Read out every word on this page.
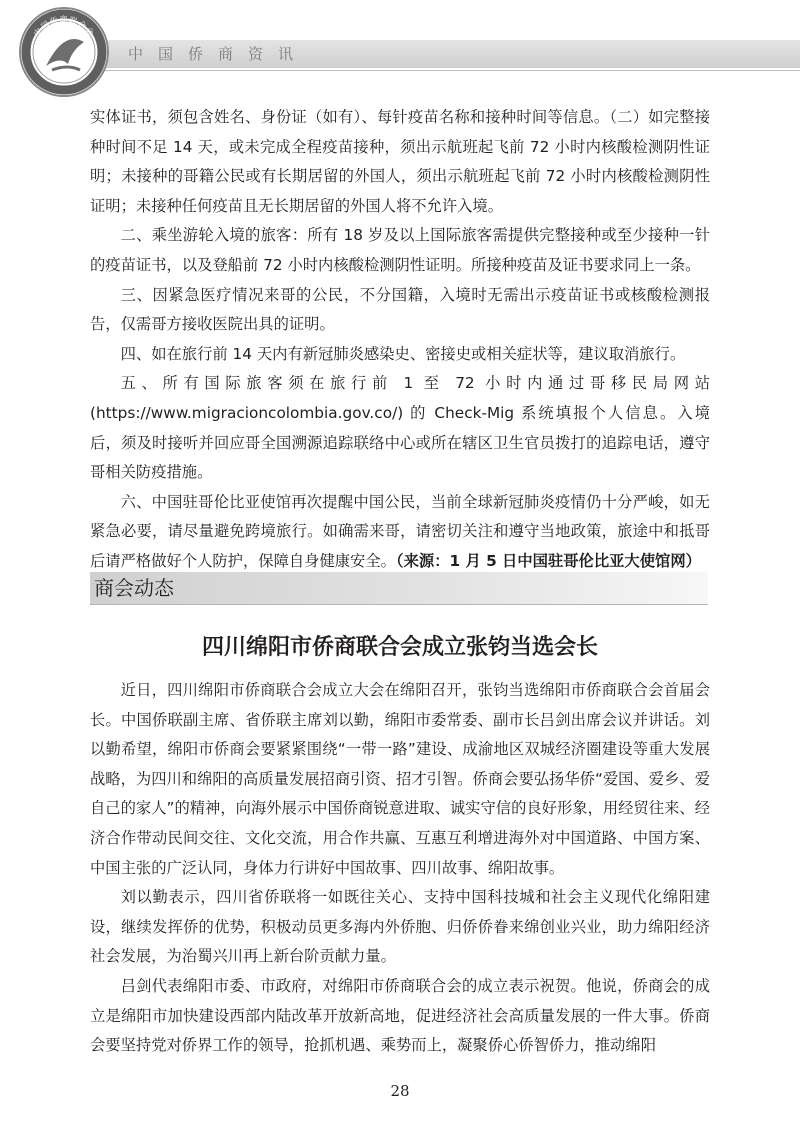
中国侨商联合会
中国侨商资讯

实体证书，须包含姓名、身份证（如有）、每针疫苗名称和接种时间等信息。（二）如完整接种时间不足 14 天，或未完成全程疫苗接种，须出示航班起飞前 72 小时内核酸检测阴性证明；未接种的哥籍公民或有长期居留的外国人，须出示航班起飞前 72 小时内核酸检测阴性证明；未接种任何疫苗且无长期居留的外国人将不允许入境。

二、乘坐游轮入境的旅客：所有 18 岁及以上国际旅客需提供完整接种或至少接种一针的疫苗证书，以及登船前 72 小时内核酸检测阴性证明。所接种疫苗及证书要求同上一条。

三、因紧急医疗情况来哥的公民，不分国籍，入境时无需出示疫苗证书或核酸检测报告，仅需哥方接收医院出具的证明。

四、如在旅行前 14 天内有新冠肺炎感染史、密接史或相关症状等，建议取消旅行。

五、所有国际旅客须在旅行前 1 至 72 小时内通过哥移民局网站 (https://www.migracioncolombia.gov.co/) 的 Check-Mig 系统填报个人信息。入境后，须及时接听并回应哥全国溯源追踪联络中心或所在辖区卫生官员拨打的追踪电话，遵守哥相关防疫措施。

六、中国驻哥伦比亚使馆再次提醒中国公民，当前全球新冠肺炎疫情仍十分严峻，如无紧急必要，请尽量避免跨境旅行。如确需来哥，请密切关注和遵守当地政策，旅途中和抵哥后请严格做好个人防护，保障自身健康安全。（来源：1 月 5 日中国驻哥伦比亚大使馆网）

商会动态
四川绵阳市侨商联合会成立张钧当选会长

近日，四川绵阳市侨商联合会成立大会在绵阳召开，张钧当选绵阳市侨商联合会首届会长。中国侨联副主席、省侨联主席刘以勤，绵阳市委常委、副市长吕剑出席会议并讲话。刘以勤希望，绵阳市侨商会要紧紧围绕“一带一路”建设、成渝地区双城经济圈建设等重大发展战略，为四川和绵阳的高质量发展招商引资、招才引智。侨商会要弘扬华侨“爱国、爱乡、爱自己的家人”的精神，向海外展示中国侨商锐意进取、诚实守信的良好形象，用经贸往来、经济合作带动民间交往、文化交流，用合作共赢、互惠互利增进海外对中国道路、中国方案、中国主张的广泛认同，身体力行讲好中国故事、四川故事、绵阳故事。

刘以勤表示，四川省侨联将一如既往关心、支持中国科技城和社会主义现代化绵阳建设，继续发挥侨的优势，积极动员更多海内外侨胞、归侨侨眷来绵创业兴业，助力绵阳经济社会发展，为治蜀兴川再上新台阶贡献力量。

吕剑代表绵阳市委、市政府，对绵阳市侨商联合会的成立表示祝贺。他说，侨商会的成立是绵阳市加快建设西部内陆改革开放新高地，促进经济社会高质量发展的一件大事。侨商会要坚持党对侨界工作的领导，抢抓机遇、乘势而上，凝聚侨心侨智侨力，推动绵阳

28
